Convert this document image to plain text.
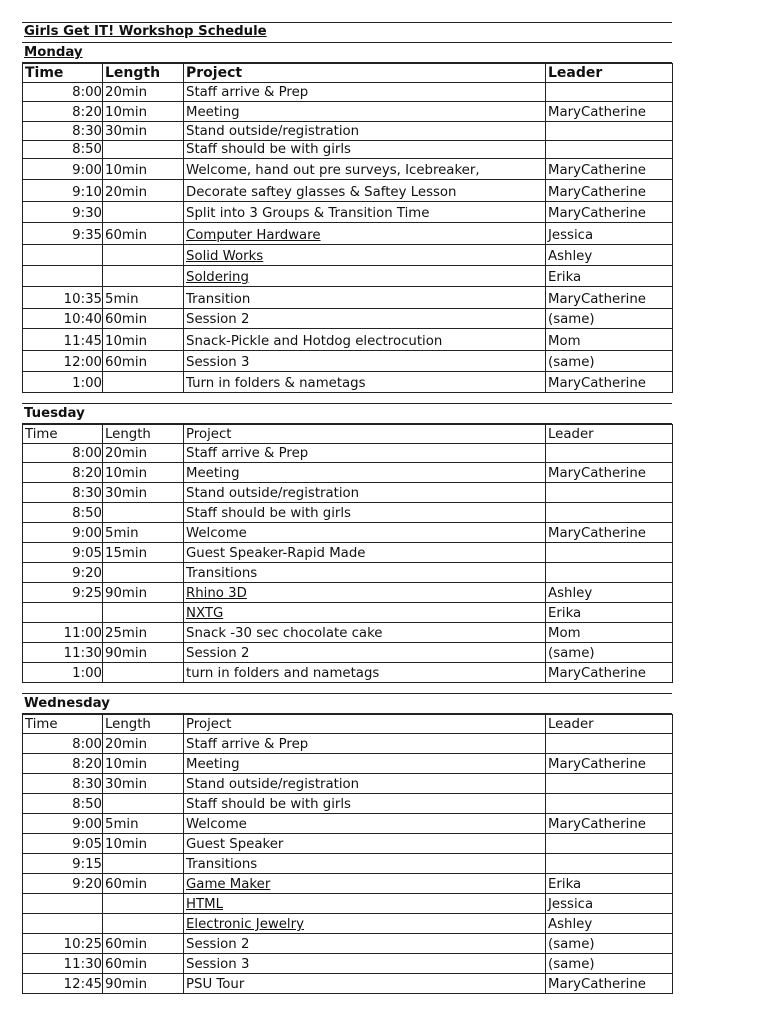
Girls Get IT! Workshop Schedule
Monday
Time	Length	Project	Leader
8:00	20min	Staff arrive & Prep	
8:20	10min	Meeting	MaryCatherine
8:30	30min	Stand outside/registration	
8:50		Staff should be with girls	
9:00	10min	Welcome, hand out pre surveys, Icebreaker,	MaryCatherine
9:10	20min	Decorate saftey glasses & Saftey Lesson	MaryCatherine
9:30		Split into 3 Groups & Transition Time	MaryCatherine
9:35	60min	Computer Hardware	Jessica
		Solid Works	Ashley
		Soldering	Erika
10:35	5min	Transition	MaryCatherine
10:40	60min	Session 2	(same)
11:45	10min	Snack-Pickle and Hotdog electrocution	Mom
12:00	60min	Session 3	(same)
1:00		Turn in folders & nametags	MaryCatherine
Tuesday
Time	Length	Project	Leader
8:00	20min	Staff arrive & Prep	
8:20	10min	Meeting	MaryCatherine
8:30	30min	Stand outside/registration	
8:50		Staff should be with girls	
9:00	5min	Welcome	MaryCatherine
9:05	15min	Guest Speaker-Rapid Made	
9:20		Transitions	
9:25	90min	Rhino 3D	Ashley
		NXTG	Erika
11:00	25min	Snack -30 sec chocolate cake	Mom
11:30	90min	Session 2	(same)
1:00		turn in folders and nametags	MaryCatherine
Wednesday
Time	Length	Project	Leader
8:00	20min	Staff arrive & Prep	
8:20	10min	Meeting	MaryCatherine
8:30	30min	Stand outside/registration	
8:50		Staff should be with girls	
9:00	5min	Welcome	MaryCatherine
9:05	10min	Guest Speaker	
9:15		Transitions	
9:20	60min	Game Maker	Erika
		HTML	Jessica
		Electronic Jewelry	Ashley
10:25	60min	Session 2	(same)
11:30	60min	Session 3	(same)
12:45	90min	PSU Tour	MaryCatherine
